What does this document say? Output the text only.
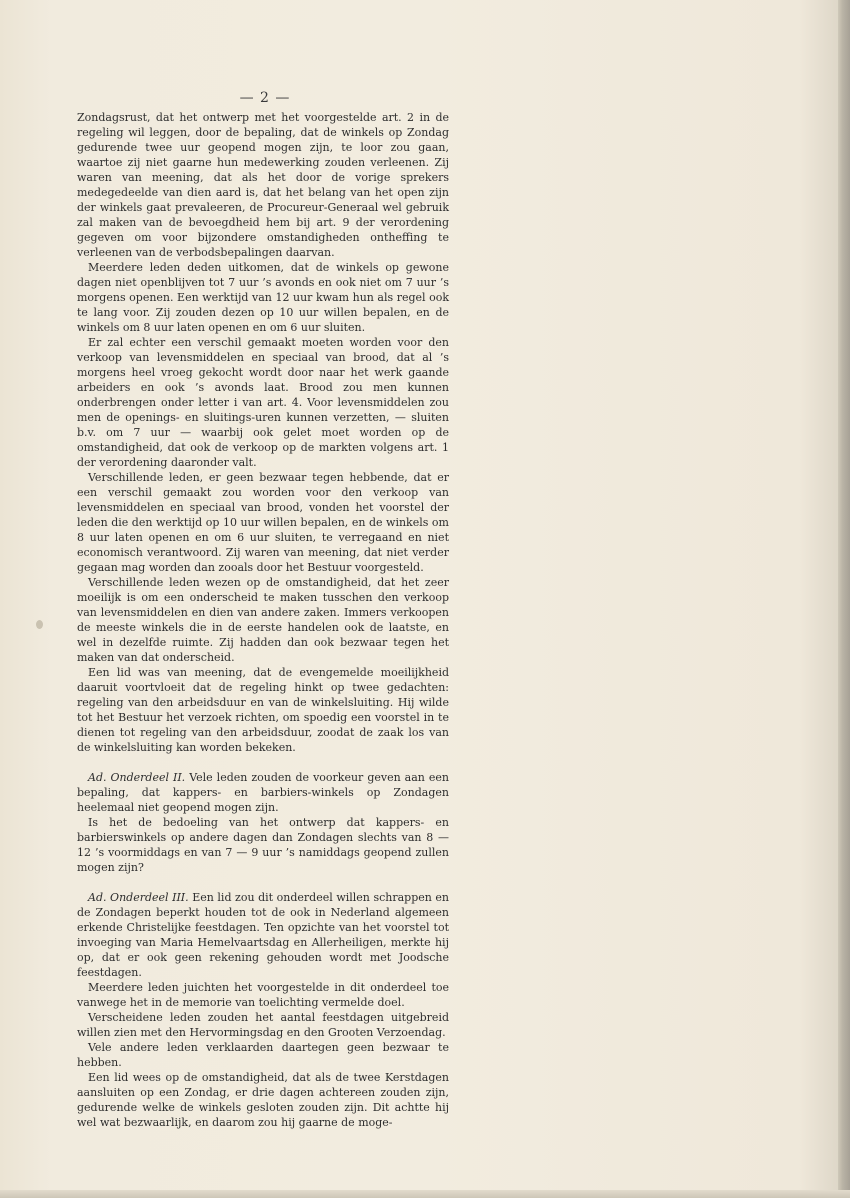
— 2 —

Zondagsrust, dat het ontwerp met het voorgestelde art. 2 in de regeling wil leggen, door de bepaling, dat de winkels op Zondag gedurende twee uur geopend mogen zijn, te loor zou gaan, waartoe zij niet gaarne hun medewerking zouden verleenen. Zij waren van meening, dat als het door de vorige sprekers medegedeelde van dien aard is, dat het belang van het open zijn der winkels gaat prevaleeren, de Procureur-Generaal wel gebruik zal maken van de bevoegdheid hem bij art. 9 der verordening gegeven om voor bijzondere omstandigheden ontheffing te verleenen van de verbodsbepalingen daarvan.

Meerdere leden deden uitkomen, dat de winkels op gewone dagen niet openblijven tot 7 uur ’s avonds en ook niet om 7 uur ’s morgens openen. Een werktijd van 12 uur kwam hun als regel ook te lang voor. Zij zouden dezen op 10 uur willen bepalen, en de winkels om 8 uur laten openen en om 6 uur sluiten.

Er zal echter een verschil gemaakt moeten worden voor den verkoop van levensmiddelen en speciaal van brood, dat al ’s morgens heel vroeg gekocht wordt door naar het werk gaande arbeiders en ook ’s avonds laat. Brood zou men kunnen onderbrengen onder letter i van art. 4. Voor levensmiddelen zou men de openings- en sluitings-uren kunnen verzetten, — sluiten b.v. om 7 uur — waarbij ook gelet moet worden op de omstandigheid, dat ook de verkoop op de markten volgens art. 1 der verordening daaronder valt.

Verschillende leden, er geen bezwaar tegen hebbende, dat er een verschil gemaakt zou worden voor den verkoop van levensmiddelen en speciaal van brood, vonden het voorstel der leden die den werktijd op 10 uur willen bepalen, en de winkels om 8 uur laten openen en om 6 uur sluiten, te verregaand en niet economisch verantwoord. Zij waren van meening, dat niet verder gegaan mag worden dan zooals door het Bestuur voorgesteld.

Verschillende leden wezen op de omstandigheid, dat het zeer moeilijk is om een onderscheid te maken tusschen den verkoop van levensmiddelen en dien van andere zaken. Immers verkoopen de meeste winkels die in de eerste handelen ook de laatste, en wel in dezelfde ruimte. Zij hadden dan ook bezwaar tegen het maken van dat onderscheid.

Een lid was van meening, dat de evengemelde moeilijkheid daaruit voortvloeit dat de regeling hinkt op twee gedachten: regeling van den arbeidsduur en van de winkelsluiting. Hij wilde tot het Bestuur het verzoek richten, om spoedig een voorstel in te dienen tot regeling van den arbeidsduur, zoodat de zaak los van de winkelsluiting kan worden bekeken.

Ad. Onderdeel II. Vele leden zouden de voorkeur geven aan een bepaling, dat kappers- en barbiers-winkels op Zondagen heelemaal niet geopend mogen zijn.

Is het de bedoeling van het ontwerp dat kappers- en barbierswinkels op andere dagen dan Zondagen slechts van 8 — 12 ’s voormiddags en van 7 — 9 uur ’s namiddags geopend zullen mogen zijn?

Ad. Onderdeel III. Een lid zou dit onderdeel willen schrappen en de Zondagen beperkt houden tot de ook in Nederland algemeen erkende Christelijke feestdagen. Ten opzichte van het voorstel tot invoeging van Maria Hemelvaartsdag en Allerheiligen, merkte hij op, dat er ook geen rekening gehouden wordt met Joodsche feestdagen.

Meerdere leden juichten het voorgestelde in dit onderdeel toe vanwege het in de memorie van toelichting vermelde doel.

Verscheidene leden zouden het aantal feestdagen uitgebreid willen zien met den Hervormingsdag en den Grooten Verzoendag.

Vele andere leden verklaarden daartegen geen bezwaar te hebben.

Een lid wees op de omstandigheid, dat als de twee Kerstdagen aansluiten op een Zondag, er drie dagen achtereen zouden zijn, gedurende welke de winkels gesloten zouden zijn. Dit achtte hij wel wat bezwaarlijk, en daarom zou hij gaarne de moge-
